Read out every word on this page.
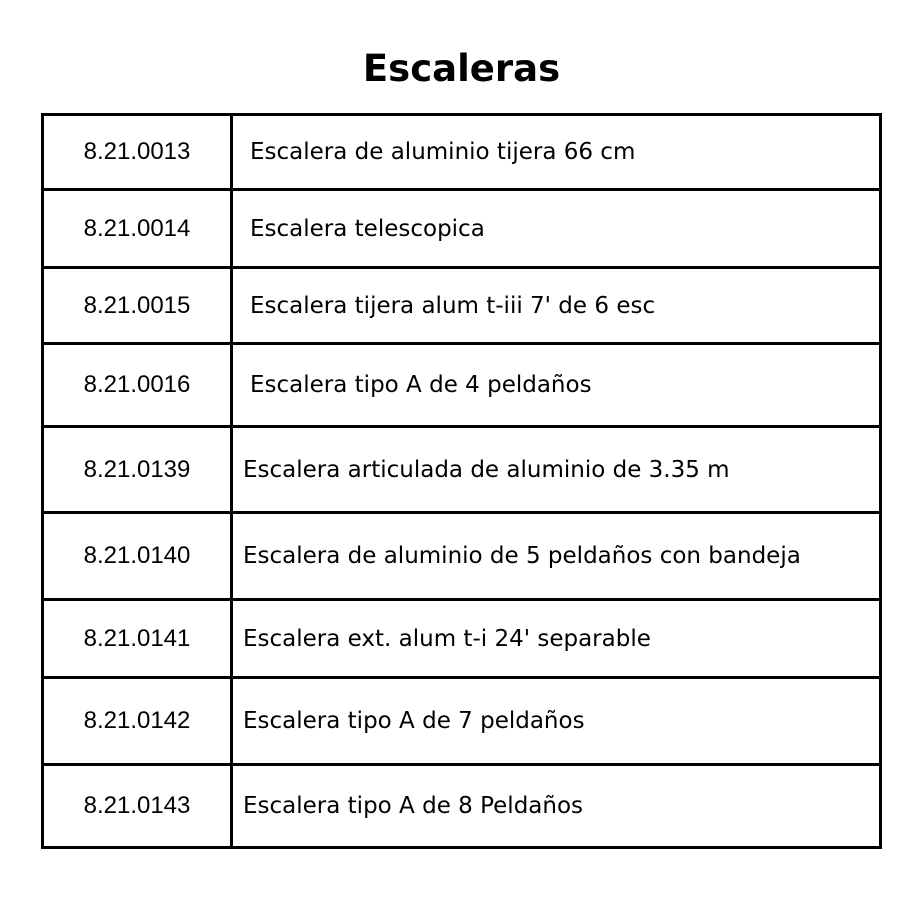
Escaleras
8.21.0013	Escalera de aluminio tijera 66 cm
8.21.0014	Escalera telescopica
8.21.0015	Escalera tijera alum t-iii 7' de 6 esc
8.21.0016	Escalera tipo A de 4 peldaños
8.21.0139	Escalera articulada de aluminio de 3.35 m
8.21.0140	Escalera de aluminio de 5 peldaños con bandeja
8.21.0141	Escalera ext. alum t-i 24' separable
8.21.0142	Escalera tipo A de 7 peldaños
8.21.0143	Escalera tipo A de 8 Peldaños
